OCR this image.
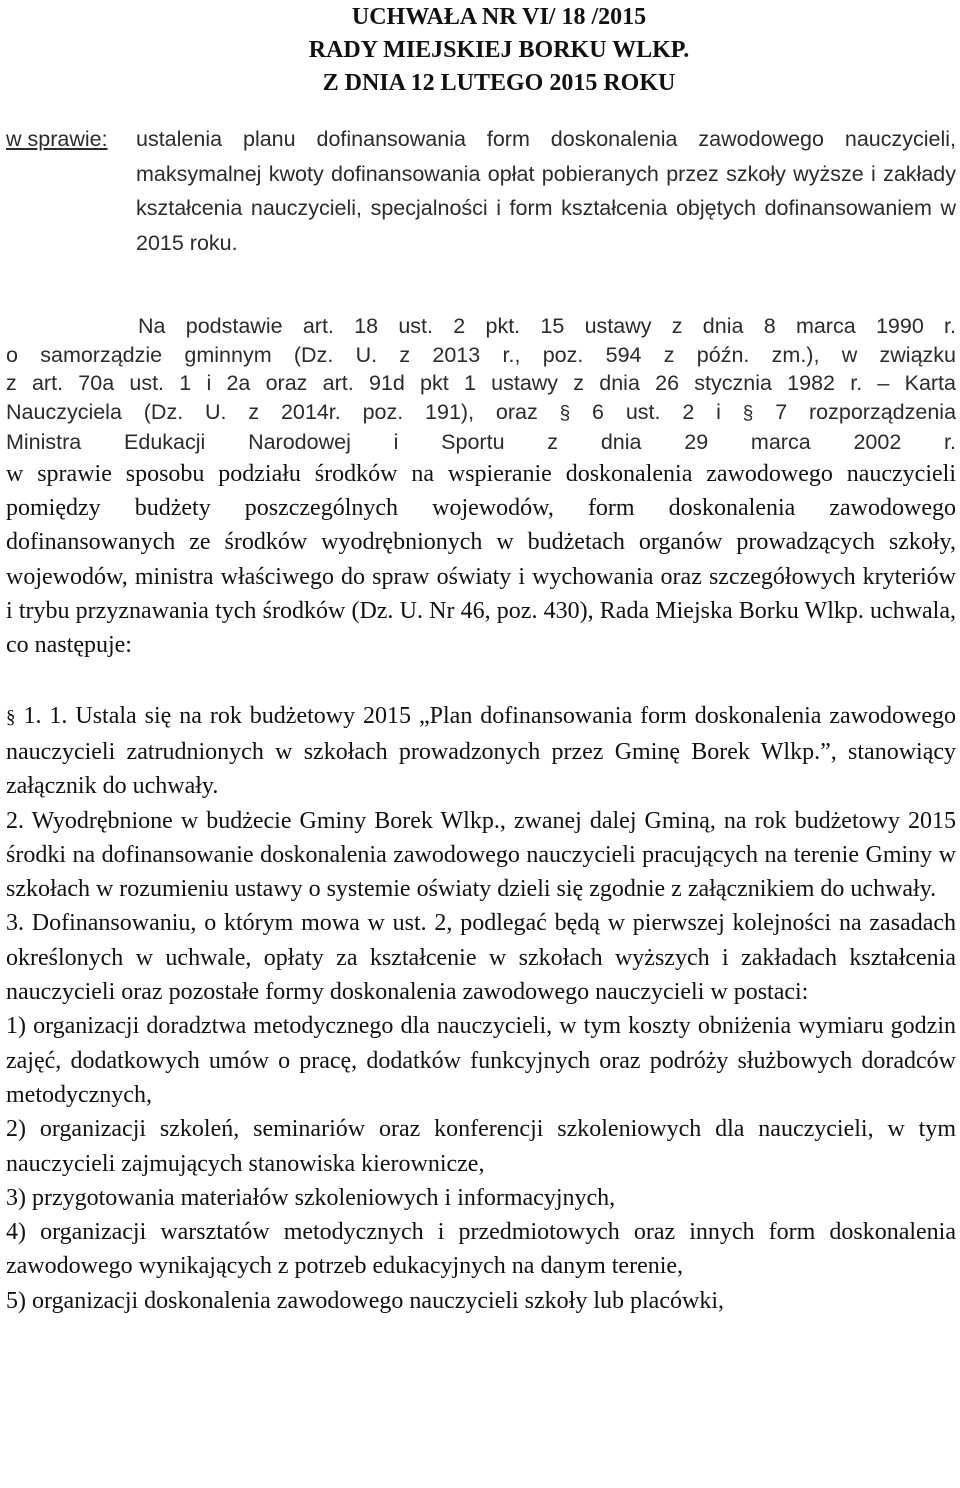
UCHWAŁA NR VI/ 18 /2015
RADY MIEJSKIEJ BORKU WLKP.
Z DNIA 12 LUTEGO 2015 ROKU
w sprawie: ustalenia planu dofinansowania form doskonalenia zawodowego nauczycieli, maksymalnej kwoty dofinansowania opłat pobieranych przez szkoły wyższe i zakłady kształcenia nauczycieli, specjalności i form kształcenia objętych dofinansowaniem w 2015 roku.
Na podstawie art. 18 ust. 2 pkt. 15 ustawy z dnia 8 marca 1990 r.
o samorządzie gminnym (Dz. U. z 2013 r., poz. 594 z późn. zm.), w związku
z art. 70a ust. 1 i 2a oraz art. 91d pkt 1 ustawy z dnia 26 stycznia 1982 r. – Karta
Nauczyciela (Dz. U. z 2014r. poz. 191), oraz § 6 ust. 2 i § 7 rozporządzenia
Ministra Edukacji Narodowej i Sportu z dnia 29 marca 2002 r.
w sprawie sposobu podziału środków na wspieranie doskonalenia zawodowego nauczycieli pomiędzy budżety poszczególnych wojewodów, form doskonalenia zawodowego dofinansowanych ze środków wyodrębnionych w budżetach organów prowadzących szkoły, wojewodów, ministra właściwego do spraw oświaty i wychowania oraz szczegółowych kryteriów i trybu przyznawania tych środków (Dz. U. Nr 46, poz. 430), Rada Miejska Borku Wlkp. uchwala, co następuje:

§ 1. 1. Ustala się na rok budżetowy 2015 „Plan dofinansowania form doskonalenia zawodowego nauczycieli zatrudnionych w szkołach prowadzonych przez Gminę Borek Wlkp.”, stanowiący załącznik do uchwały.

2. Wyodrębnione w budżecie Gminy Borek Wlkp., zwanej dalej Gminą, na rok budżetowy 2015 środki na dofinansowanie doskonalenia zawodowego nauczycieli pracujących na terenie Gminy w szkołach w rozumieniu ustawy o systemie oświaty dzieli się zgodnie z załącznikiem do uchwały.

3. Dofinansowaniu, o którym mowa w ust. 2, podlegać będą w pierwszej kolejności na zasadach określonych w uchwale, opłaty za kształcenie w szkołach wyższych i zakładach kształcenia nauczycieli oraz pozostałe formy doskonalenia zawodowego nauczycieli w postaci:

1) organizacji doradztwa metodycznego dla nauczycieli, w tym koszty obniżenia wymiaru godzin zajęć, dodatkowych umów o pracę, dodatków funkcyjnych oraz podróży służbowych doradców metodycznych,

2) organizacji szkoleń, seminariów oraz konferencji szkoleniowych dla nauczycieli, w tym nauczycieli zajmujących stanowiska kierownicze,

3) przygotowania materiałów szkoleniowych i informacyjnych,

4) organizacji warsztatów metodycznych i przedmiotowych oraz innych form doskonalenia zawodowego wynikających z potrzeb edukacyjnych na danym terenie,

5) organizacji doskonalenia zawodowego nauczycieli szkoły lub placówki,
